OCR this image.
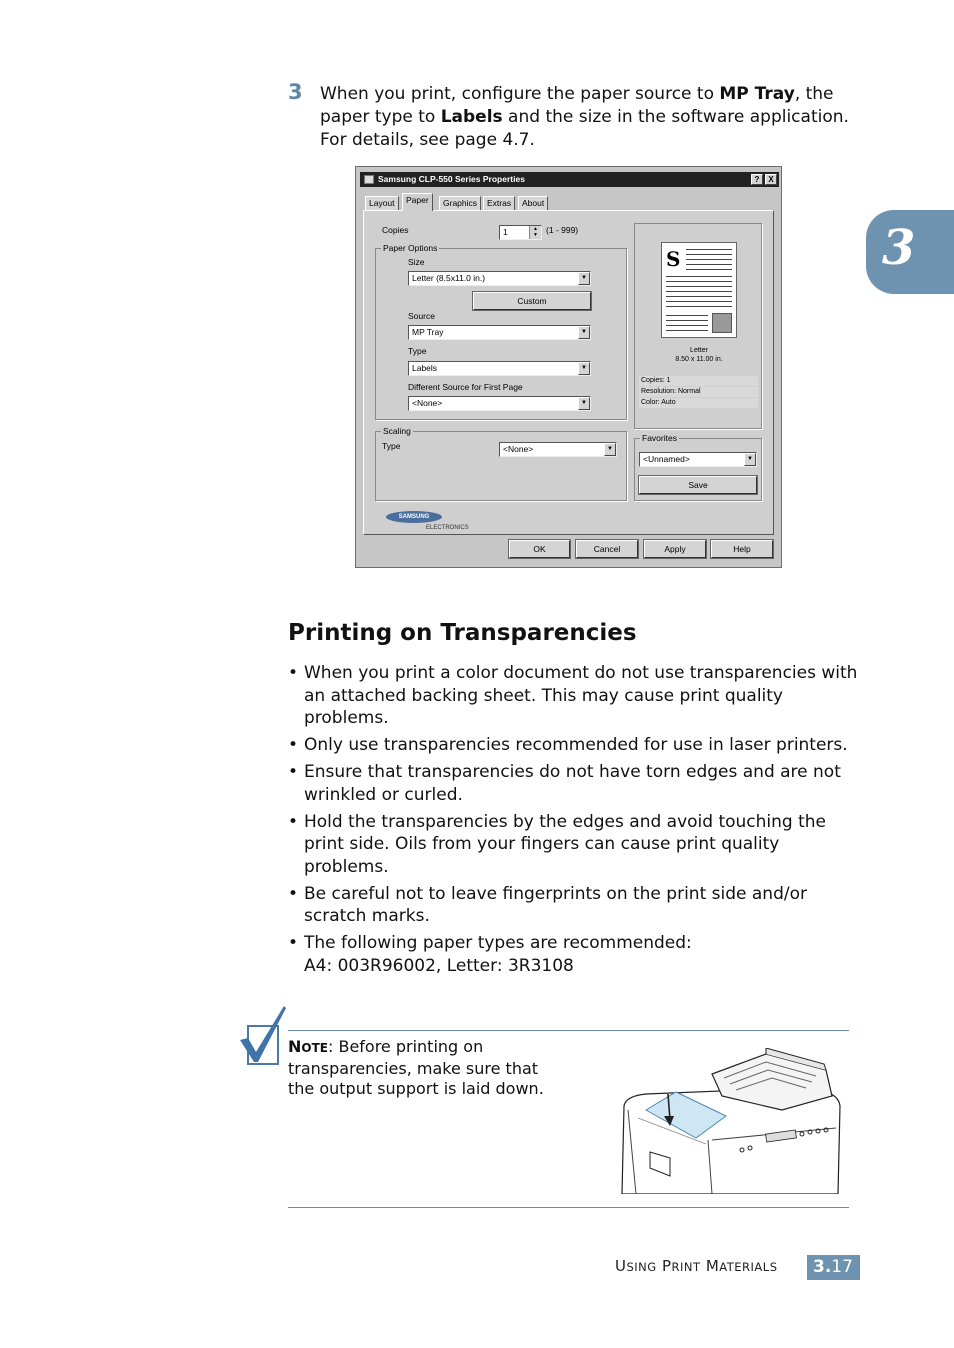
3 When you print, configure the paper source to MP Tray, the paper type to Labels and the size in the software application. For details, see page 4.7.
3
Samsung CLP-550 Series Properties	?	X
Layout	Paper	Graphics	Extras	About
Copies	1	▲
▼ (1 - 999)
Paper Options
Size
Letter (8.5x11.0 in.)	▼
Custom
Source
MP Tray	▼
Type
Labels	▼
Different Source for First Page
<None>	▼
Scaling
Type	<None>	▼
S
Letter
8.50 x 11.00 in.
Copies: 1
Resolution: Normal
Color: Auto
Favorites
<Unnamed>	▼
Save
SAMSUNG
ELECTRONICS
OK	Cancel	Apply	Help
Printing on Transparencies
• When you print a color document do not use transparencies with an attached backing sheet. This may cause print quality problems.
• Only use transparencies recommended for use in laser printers.
• Ensure that transparencies do not have torn edges and are not wrinkled or curled.
• Hold the transparencies by the edges and avoid touching the print side. Oils from your fingers can cause print quality problems.
• Be careful not to leave fingerprints on the print side and/or scratch marks.
• The following paper types are recommended:
A4: 003R96002, Letter: 3R3108
NOTE: Before printing on transparencies, make sure that the output support is laid down.
USING PRINT MATERIALS	3.17
